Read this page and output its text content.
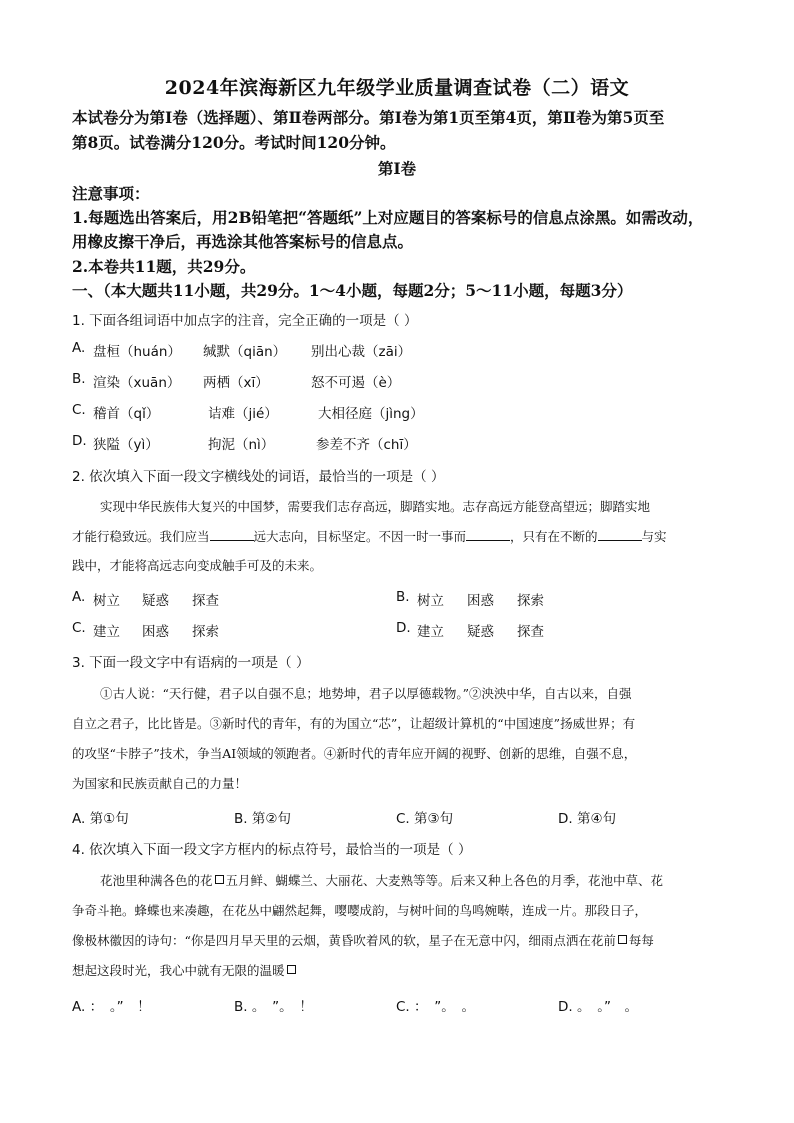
2024年滨海新区九年级学业质量调查试卷（二）语文
本试卷分为第Ⅰ卷（选择题）、第Ⅱ卷两部分。第Ⅰ卷为第1页至第4页，第Ⅱ卷为第5页至
第8页。试卷满分120分。考试时间120分钟。
第Ⅰ卷
注意事项：
1.每题选出答案后，用2B铅笔把“答题纸”上对应题目的答案标号的信息点涂黑。如需改动，
用橡皮擦干净后，再选涂其他答案标号的信息点。
2.本卷共11题，共29分。
一、（本大题共11小题，共29分。1～4小题，每题2分；5～11小题，每题3分）
1. 下面各组词语中加点字的注音，完全正确的一项是（ ）
A. 盘桓（huán） 缄默（qiān） 别出心裁（zāi）
B. 渲染（xuān） 两栖（xī）	怒不可遏（è）
C. 稽首（qǐ）	诘难（jié）	大相径庭（jìng）
D. 狭隘（yì）	拘泥（nì）	参差不齐（chī）
2. 依次填入下面一段文字横线处的词语，最恰当的一项是（ ）
实现中华民族伟大复兴的中国梦，需要我们志存高远，脚踏实地。志存高远方能登高望远；脚踏实地
才能行稳致远。我们应当	远大志向，目标坚定。不因一时一事而	，只有在不断的	与实
践中，才能将高远志向变成触手可及的未来。
A. 树立 疑惑 探查	B. 树立 困惑 探索
C. 建立 困惑 探索	D. 建立 疑惑 探查
3. 下面一段文字中有语病的一项是（ ）
①古人说：“天行健，君子以自强不息；地势坤，君子以厚德载物。”②泱泱中华，自古以来，自强
自立之君子，比比皆是。③新时代的青年，有的为国立“芯”，让超级计算机的“中国速度”扬威世界；有
的攻坚“卡脖子”技术，争当AI领域的领跑者。④新时代的青年应开阔的视野、创新的思维，自强不息，
为国家和民族贡献自己的力量！
A. 第①句	B. 第②句	C. 第③句	D. 第④句
4. 依次填入下面一段文字方框内的标点符号，最恰当的一项是（ ）
花池里种满各色的花 五月鲜、蝴蝶兰、大丽花、大麦熟等等。后来又种上各色的月季，花池中草、花
争奇斗艳。蜂蝶也来凑趣，在花丛中翩然起舞，嘤嘤成韵，与树叶间的鸟鸣婉啭，连成一片。那段日子，
像极林徽因的诗句：“你是四月早天里的云烟，黄昏吹着风的软，星子在无意中闪，细雨点洒在花前 每每
想起这段时光，我心中就有无限的温暖
A. ：　。”　！	B. 。　”。　！	C. ：　”。　。	D. 。　。”　。
